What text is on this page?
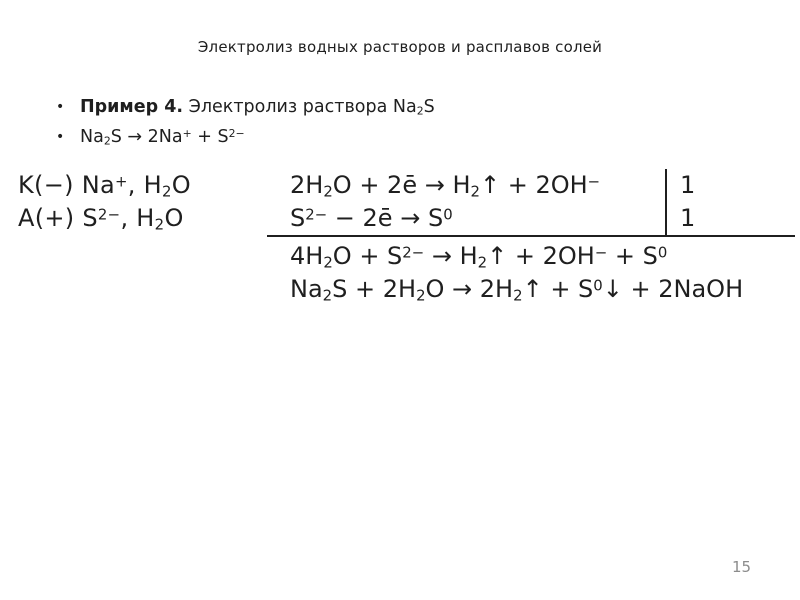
Электролиз водных растворов и расплавов солей
• Пример 4. Электролиз раствора $Na_2S$
• $Na_2S \to 2Na^+ + S^{2-}$
K(−) Na+, $H_2O$
A(+) $S^{2-}$, $H_2O$
$2H_2O$ + 2ē → $H_2↑ + 2OH^-$
$S^{2-}$ − 2ē → $S^0$
1
1
$4H_2O + S^{2-}$ → $H_2↑ + 2OH^- + S^0$
$Na_2S + 2H_2O$ → $2H_2↑$ + $S^0↓$ + 2NaOH
15
